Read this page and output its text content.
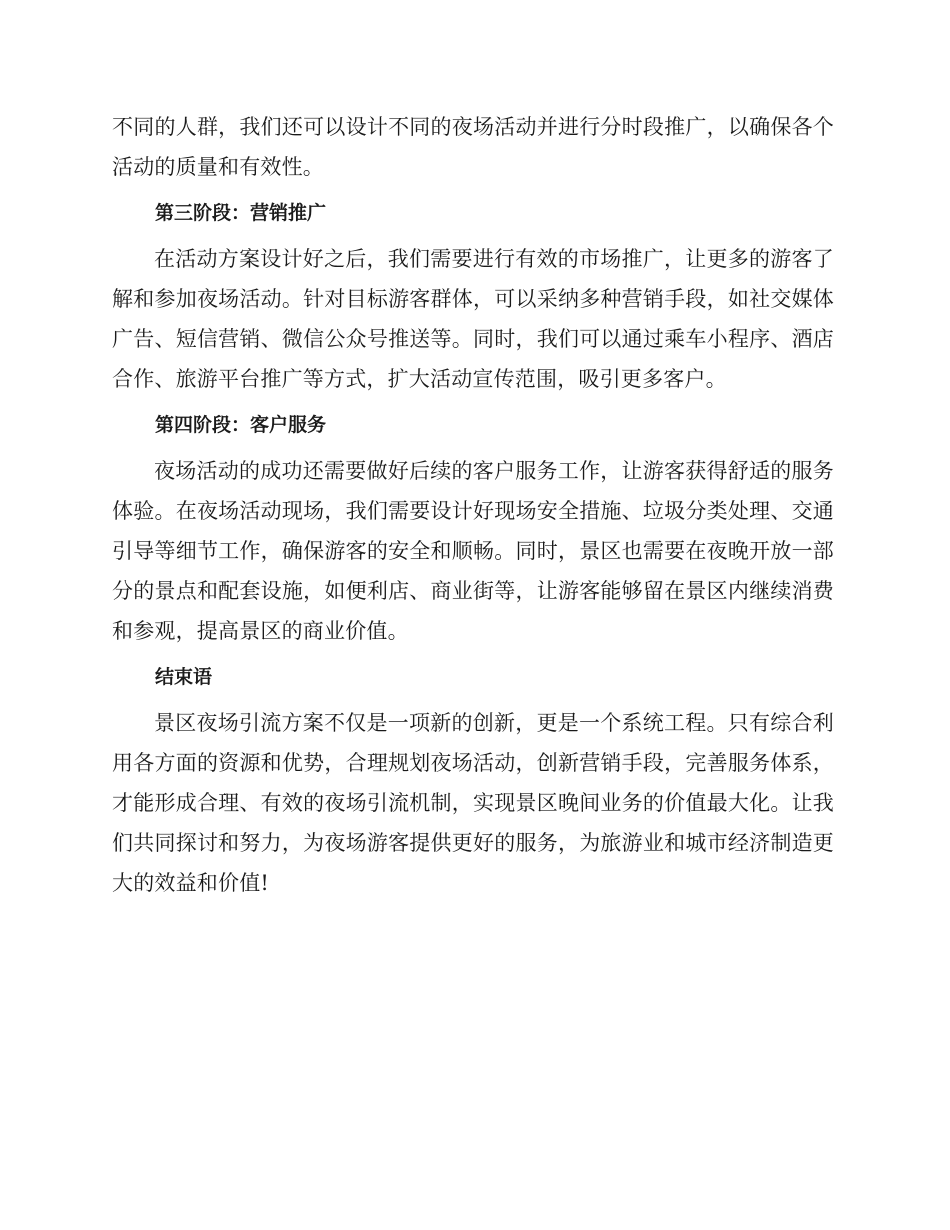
不同的人群，我们还可以设计不同的夜场活动并进行分时段推广，以确保各个活动的质量和有效性。

第三阶段：营销推广

在活动方案设计好之后，我们需要进行有效的市场推广，让更多的游客了解和参加夜场活动。针对目标游客群体，可以采纳多种营销手段，如社交媒体广告、短信营销、微信公众号推送等。同时，我们可以通过乘车小程序、酒店合作、旅游平台推广等方式，扩大活动宣传范围，吸引更多客户。

第四阶段：客户服务

夜场活动的成功还需要做好后续的客户服务工作，让游客获得舒适的服务体验。在夜场活动现场，我们需要设计好现场安全措施、垃圾分类处理、交通引导等细节工作，确保游客的安全和顺畅。同时，景区也需要在夜晚开放一部分的景点和配套设施，如便利店、商业街等，让游客能够留在景区内继续消费和参观，提高景区的商业价值。

结束语

景区夜场引流方案不仅是一项新的创新，更是一个系统工程。只有综合利用各方面的资源和优势，合理规划夜场活动，创新营销手段，完善服务体系，才能形成合理、有效的夜场引流机制，实现景区晚间业务的价值最大化。让我们共同探讨和努力，为夜场游客提供更好的服务，为旅游业和城市经济制造更大的效益和价值!
